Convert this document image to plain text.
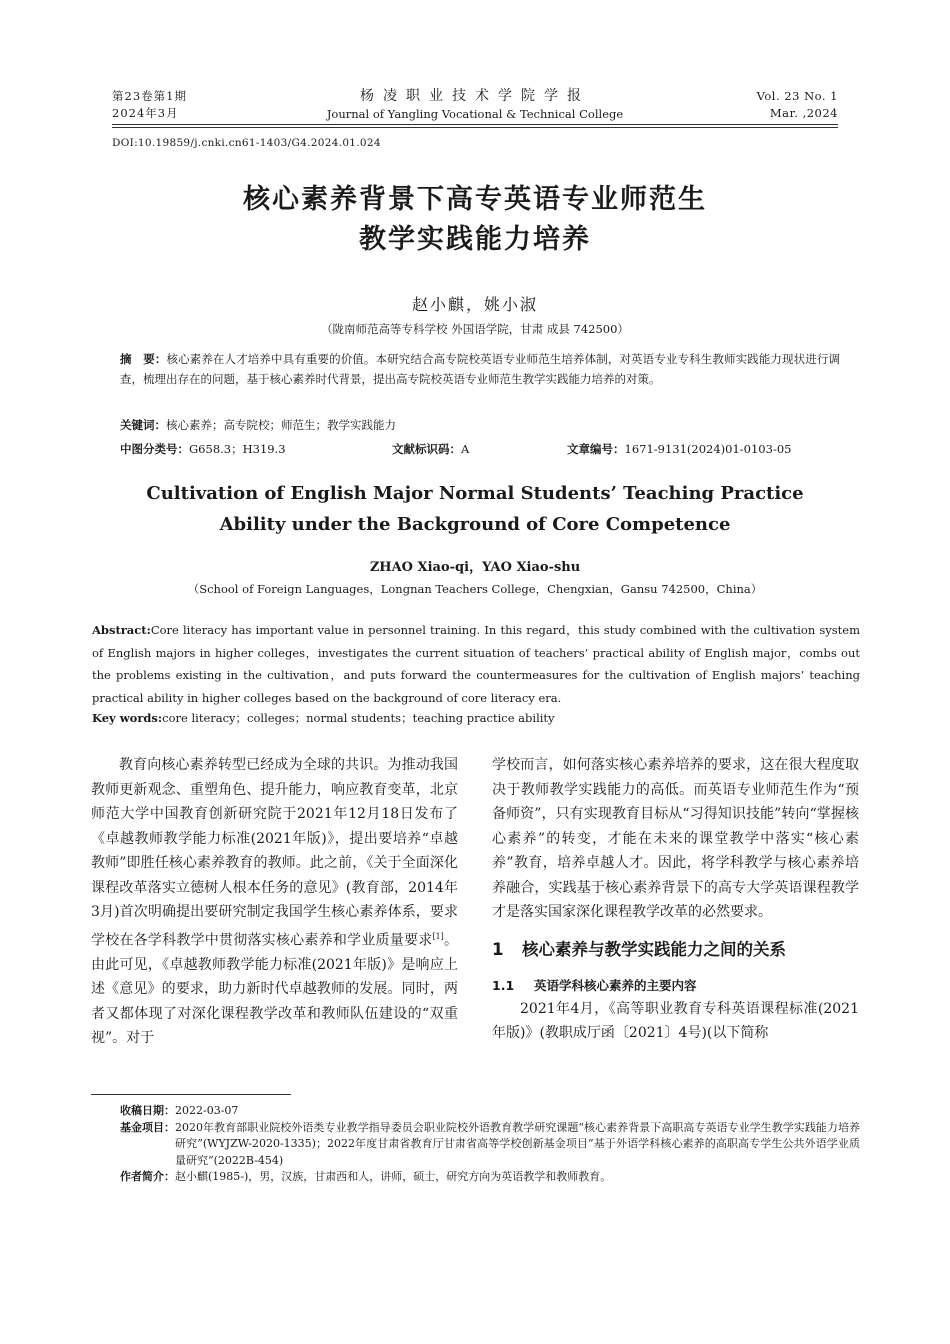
第23卷第1期
2024年3月
杨凌职业技术学院学报
Journal of Yangling Vocational & Technical College
Vol. 23 No. 1
Mar. ,2024
DOI:10.19859/j.cnki.cn61-1403/G4.2024.01.024
核心素养背景下高专英语专业师范生
教学实践能力培养
赵小麒，姚小淑
（陇南师范高等专科学校 外国语学院，甘肃 成县 742500）
摘　要：核心素养在人才培养中具有重要的价值。本研究结合高专院校英语专业师范生培养体制，对英语专业专科生教师实践能力现状进行调查，梳理出存在的问题，基于核心素养时代背景，提出高专院校英语专业师范生教学实践能力培养的对策。
关键词：核心素养；高专院校；师范生；教学实践能力
中图分类号：G658.3；H319.3	文献标识码：A	文章编号：1671-9131(2024)01-0103-05
Cultivation of English Major Normal Students’ Teaching Practice
Ability under the Background of Core Competence
ZHAO Xiao-qi，YAO Xiao-shu
（School of Foreign Languages，Longnan Teachers College，Chengxian，Gansu 742500，China）
Abstract:Core literacy has important value in personnel training. In this regard，this study combined with the cultivation system of English majors in higher colleges，investigates the current situation of teachers’ practical ability of English major，combs out the problems existing in the cultivation，and puts forward the countermeasures for the cultivation of English majors’ teaching practical ability in higher colleges based on the background of core literacy era.
Key words:core literacy；colleges；normal students；teaching practice ability

教育向核心素养转型已经成为全球的共识。为推动我国教师更新观念、重塑角色、提升能力，响应教育变革，北京师范大学中国教育创新研究院于2021年12月18日发布了《卓越教师教学能力标准(2021年版)》，提出要培养“卓越教师”即胜任核心素养教育的教师。此之前，《关于全面深化课程改革落实立德树人根本任务的意见》(教育部，2014年3月)首次明确提出要研究制定我国学生核心素养体系，要求学校在各学科教学中贯彻落实核心素养和学业质量要求[1]。由此可见，《卓越教师教学能力标准(2021年版)》是响应上述《意见》的要求，助力新时代卓越教师的发展。同时，两者又都体现了对深化课程教学改革和教师队伍建设的“双重视”。对于

学校而言，如何落实核心素养培养的要求，这在很大程度取决于教师教学实践能力的高低。而英语专业师范生作为“预备师资”，只有实现教育目标从“习得知识技能”转向“掌握核心素养”的转变，才能在未来的课堂教学中落实“核心素养”教育，培养卓越人才。因此，将学科教学与核心素养培养融合，实践基于核心素养背景下的高专大学英语课程教学才是落实国家深化课程教学改革的必然要求。

1 核心素养与教学实践能力之间的关系
1.1 英语学科核心素养的主要内容

2021年4月，《高等职业教育专科英语课程标准(2021年版)》(教职成厅函〔2021〕4号)(以下简称

收稿日期： 2022-03-07
基金项目： 2020年教育部职业院校外语类专业教学指导委员会职业院校外语教育教学研究课题“核心素养背景下高职高专英语专业学生教学实践能力培养研究”(WYJZW-2020-1335)；2022年度甘肃省教育厅甘肃省高等学校创新基金项目”基于外语学科核心素养的高职高专学生公共外语学业质量研究“(2022B-454)
作者简介： 赵小麒(1985-)，男，汉族，甘肃西和人，讲师，硕士，研究方向为英语教学和教师教育。
